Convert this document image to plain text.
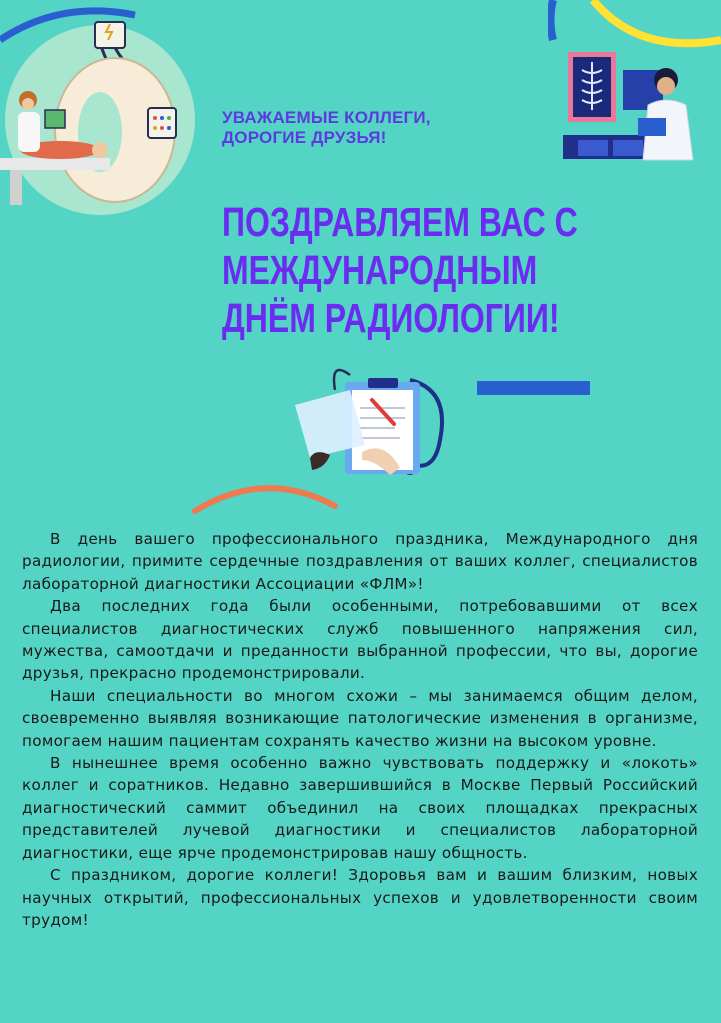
УВАЖАЕМЫЕ КОЛЛЕГИ,
ДОРОГИЕ ДРУЗЬЯ!
ПОЗДРАВЛЯЕМ ВАС С
МЕЖДУНАРОДНЫМ
ДНЁМ РАДИОЛОГИИ!

В день вашего профессионального праздника, Международного дня радиологии, примите сердечные поздравления от ваших коллег, специалистов лабораторной диагностики Ассоциации «ФЛМ»!

Два последних года были особенными, потребовавшими от всех специалистов диагностических служб повышенного напряжения сил, мужества, самоотдачи и преданности выбранной профессии, что вы, дорогие друзья, прекрасно продемонстрировали.

Наши специальности во многом схожи – мы занимаемся общим делом, своевременно выявляя возникающие патологические изменения в организме, помогаем нашим пациентам сохранять качество жизни на высоком уровне.

В нынешнее время особенно важно чувствовать поддержку и «локоть» коллег и соратников. Недавно завершившийся в Москве Первый Российский диагностический саммит объединил на своих площадках прекрасных представителей лучевой диагностики и специалистов лабораторной диагностики, еще ярче продемонстрировав нашу общность.

С праздником, дорогие коллеги! Здоровья вам и вашим близким, новых научных открытий, профессиональных успехов и удовлетворенности своим трудом!
